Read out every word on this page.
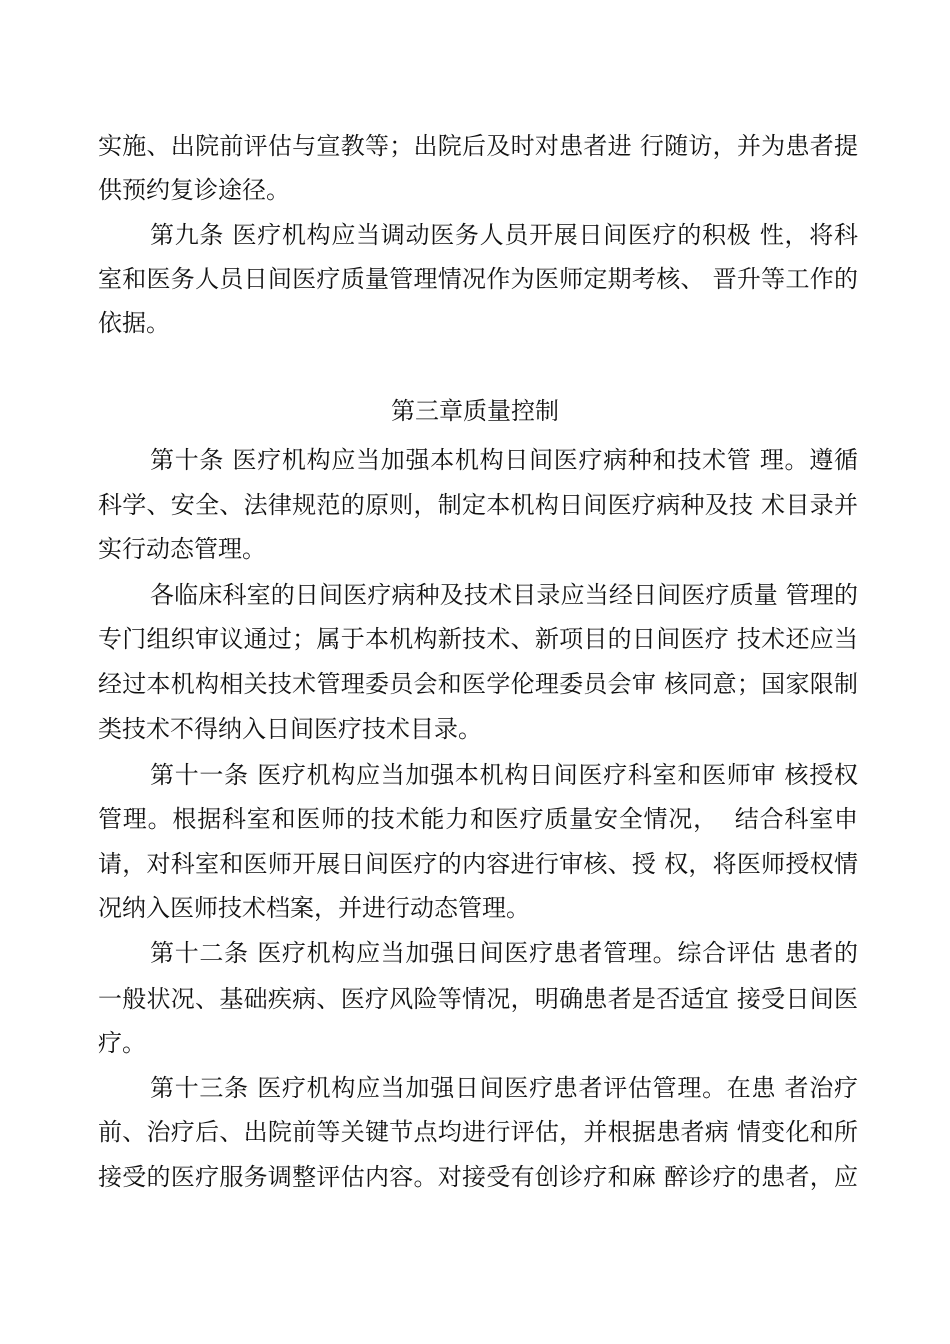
实施、出院前评估与宣教等；出院后及时对患者进 行随访，并为患者提
供预约复诊途径。
第九条 医疗机构应当调动医务人员开展日间医疗的积极 性，将科
室和医务人员日间医疗质量管理情况作为医师定期考核、 晋升等工作的
依据。
第三章质量控制
第十条 医疗机构应当加强本机构日间医疗病种和技术管 理。遵循
科学、安全、法律规范的原则，制定本机构日间医疗病种及技 术目录并
实行动态管理。
各临床科室的日间医疗病种及技术目录应当经日间医疗质量 管理的
专门组织审议通过；属于本机构新技术、新项目的日间医疗 技术还应当
经过本机构相关技术管理委员会和医学伦理委员会审 核同意；国家限制
类技术不得纳入日间医疗技术目录。
第十一条 医疗机构应当加强本机构日间医疗科室和医师审 核授权
管理。根据科室和医师的技术能力和医疗质量安全情况，  结合科室申
请，对科室和医师开展日间医疗的内容进行审核、授 权，将医师授权情
况纳入医师技术档案，并进行动态管理。
第十二条 医疗机构应当加强日间医疗患者管理。综合评估 患者的
一般状况、基础疾病、医疗风险等情况，明确患者是否适宜 接受日间医
疗。
第十三条 医疗机构应当加强日间医疗患者评估管理。在患 者治疗
前、治疗后、出院前等关键节点均进行评估，并根据患者病 情变化和所
接受的医疗服务调整评估内容。对接受有创诊疗和麻 醉诊疗的患者，应
